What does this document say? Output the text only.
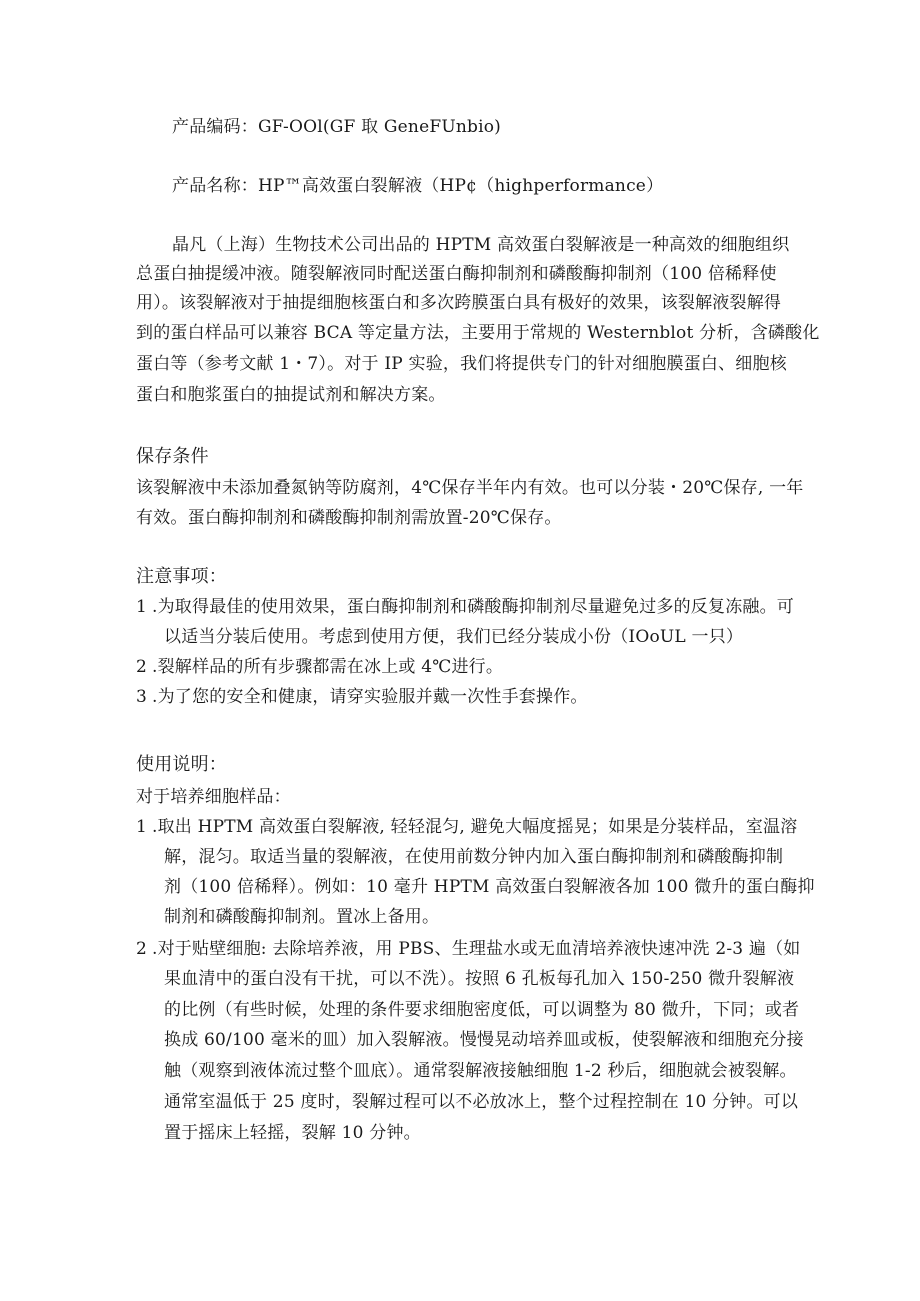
产品编码：GF-OOl(GF 取 GeneFUnbio)
产品名称：HP™高效蛋白裂解液（HP¢（highperformance）
晶凡（上海）生物技术公司出品的 HPTM 高效蛋白裂解液是一种高效的细胞组织
总蛋白抽提缓冲液。随裂解液同时配送蛋白酶抑制剂和磷酸酶抑制剂（100 倍稀释使
用）。该裂解液对于抽提细胞核蛋白和多次跨膜蛋白具有极好的效果，该裂解液裂解得
到的蛋白样品可以兼容 BCA 等定量方法，主要用于常规的 Westernblot 分析，含磷酸化
蛋白等（参考文献 1・7）。对于 IP 实验，我们将提供专门的针对细胞膜蛋白、细胞核
蛋白和胞浆蛋白的抽提试剂和解决方案。
保存条件
该裂解液中未添加叠氮钠等防腐剂，4℃保存半年内有效。也可以分装・20℃保存, 一年
有效。蛋白酶抑制剂和磷酸酶抑制剂需放置-20℃保存。
注意事项：
1 .为取得最佳的使用效果，蛋白酶抑制剂和磷酸酶抑制剂尽量避免过多的反复冻融。可
以适当分装后使用。考虑到使用方便，我们已经分装成小份（IOoUL 一只）
2 .裂解样品的所有步骤都需在冰上或 4℃进行。
3 .为了您的安全和健康，请穿实验服并戴一次性手套操作。
使用说明：
对于培养细胞样品：
1 .取出 HPTM 高效蛋白裂解液, 轻轻混匀, 避免大幅度摇晃；如果是分装样品，室温溶
解，混匀。取适当量的裂解液，在使用前数分钟内加入蛋白酶抑制剂和磷酸酶抑制
剂（100 倍稀释）。例如：10 毫升 HPTM 高效蛋白裂解液各加 100 微升的蛋白酶抑
制剂和磷酸酶抑制剂。置冰上备用。
2 .对于贴壁细胞: 去除培养液，用 PBS、生理盐水或无血清培养液快速冲洗 2-3 遍（如
果血清中的蛋白没有干扰，可以不洗）。按照 6 孔板每孔加入 150-250 微升裂解液
的比例（有些时候，处理的条件要求细胞密度低，可以调整为 80 微升，下同；或者
换成 60/100 毫米的皿）加入裂解液。慢慢晃动培养皿或板，使裂解液和细胞充分接
触（观察到液体流过整个皿底）。通常裂解液接触细胞 1-2 秒后，细胞就会被裂解。
通常室温低于 25 度时，裂解过程可以不必放冰上，整个过程控制在 10 分钟。可以
置于摇床上轻摇，裂解 10 分钟。
